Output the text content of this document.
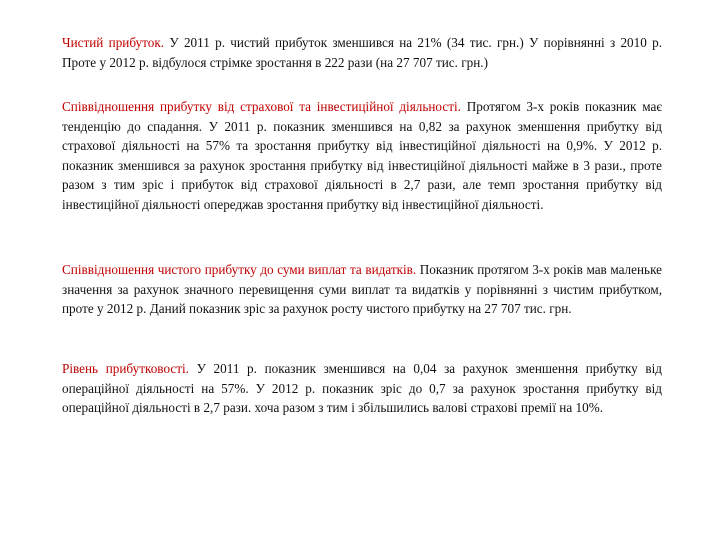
Чистий прибуток. У 2011 р. чистий прибуток зменшився на 21% (34 тис. грн.) У порівнянні з 2010 р. Проте у 2012 р. відбулося стрімке зростання в 222 рази (на 27 707 тис. грн.)

Співвідношення прибутку від страхової та інвестиційної діяльності. Протягом 3-х років показник має тенденцію до спадання. У 2011 р. показник зменшився на 0,82 за рахунок зменшення прибутку від страхової діяльності на 57% та зростання прибутку від інвестиційної діяльності на 0,9%. У 2012 р. показник зменшився за рахунок зростання прибутку від інвестиційної діяльності майже в 3 рази., проте разом з тим зріс і прибуток від страхової діяльності в 2,7 рази, але темп зростання прибутку від інвестиційної діяльності опереджав зростання прибутку від інвестиційної діяльності.

Співвідношення чистого прибутку до суми виплат та видатків. Показник протягом 3-х років мав маленьке значення за рахунок значного перевищення суми виплат та видатків у порівнянні з чистим прибутком, проте у 2012 р. Даний показник зріс за рахунок росту чистого прибутку на 27 707 тис. грн.

Рівень прибутковості. У 2011 р. показник зменшився на 0,04 за рахунок зменшення прибутку від операційної діяльності на 57%. У 2012 р. показник зріс до 0,7 за рахунок зростання прибутку від операційної діяльності в 2,7 рази. хоча разом з тим і збільшились валові страхові премії на 10%.
